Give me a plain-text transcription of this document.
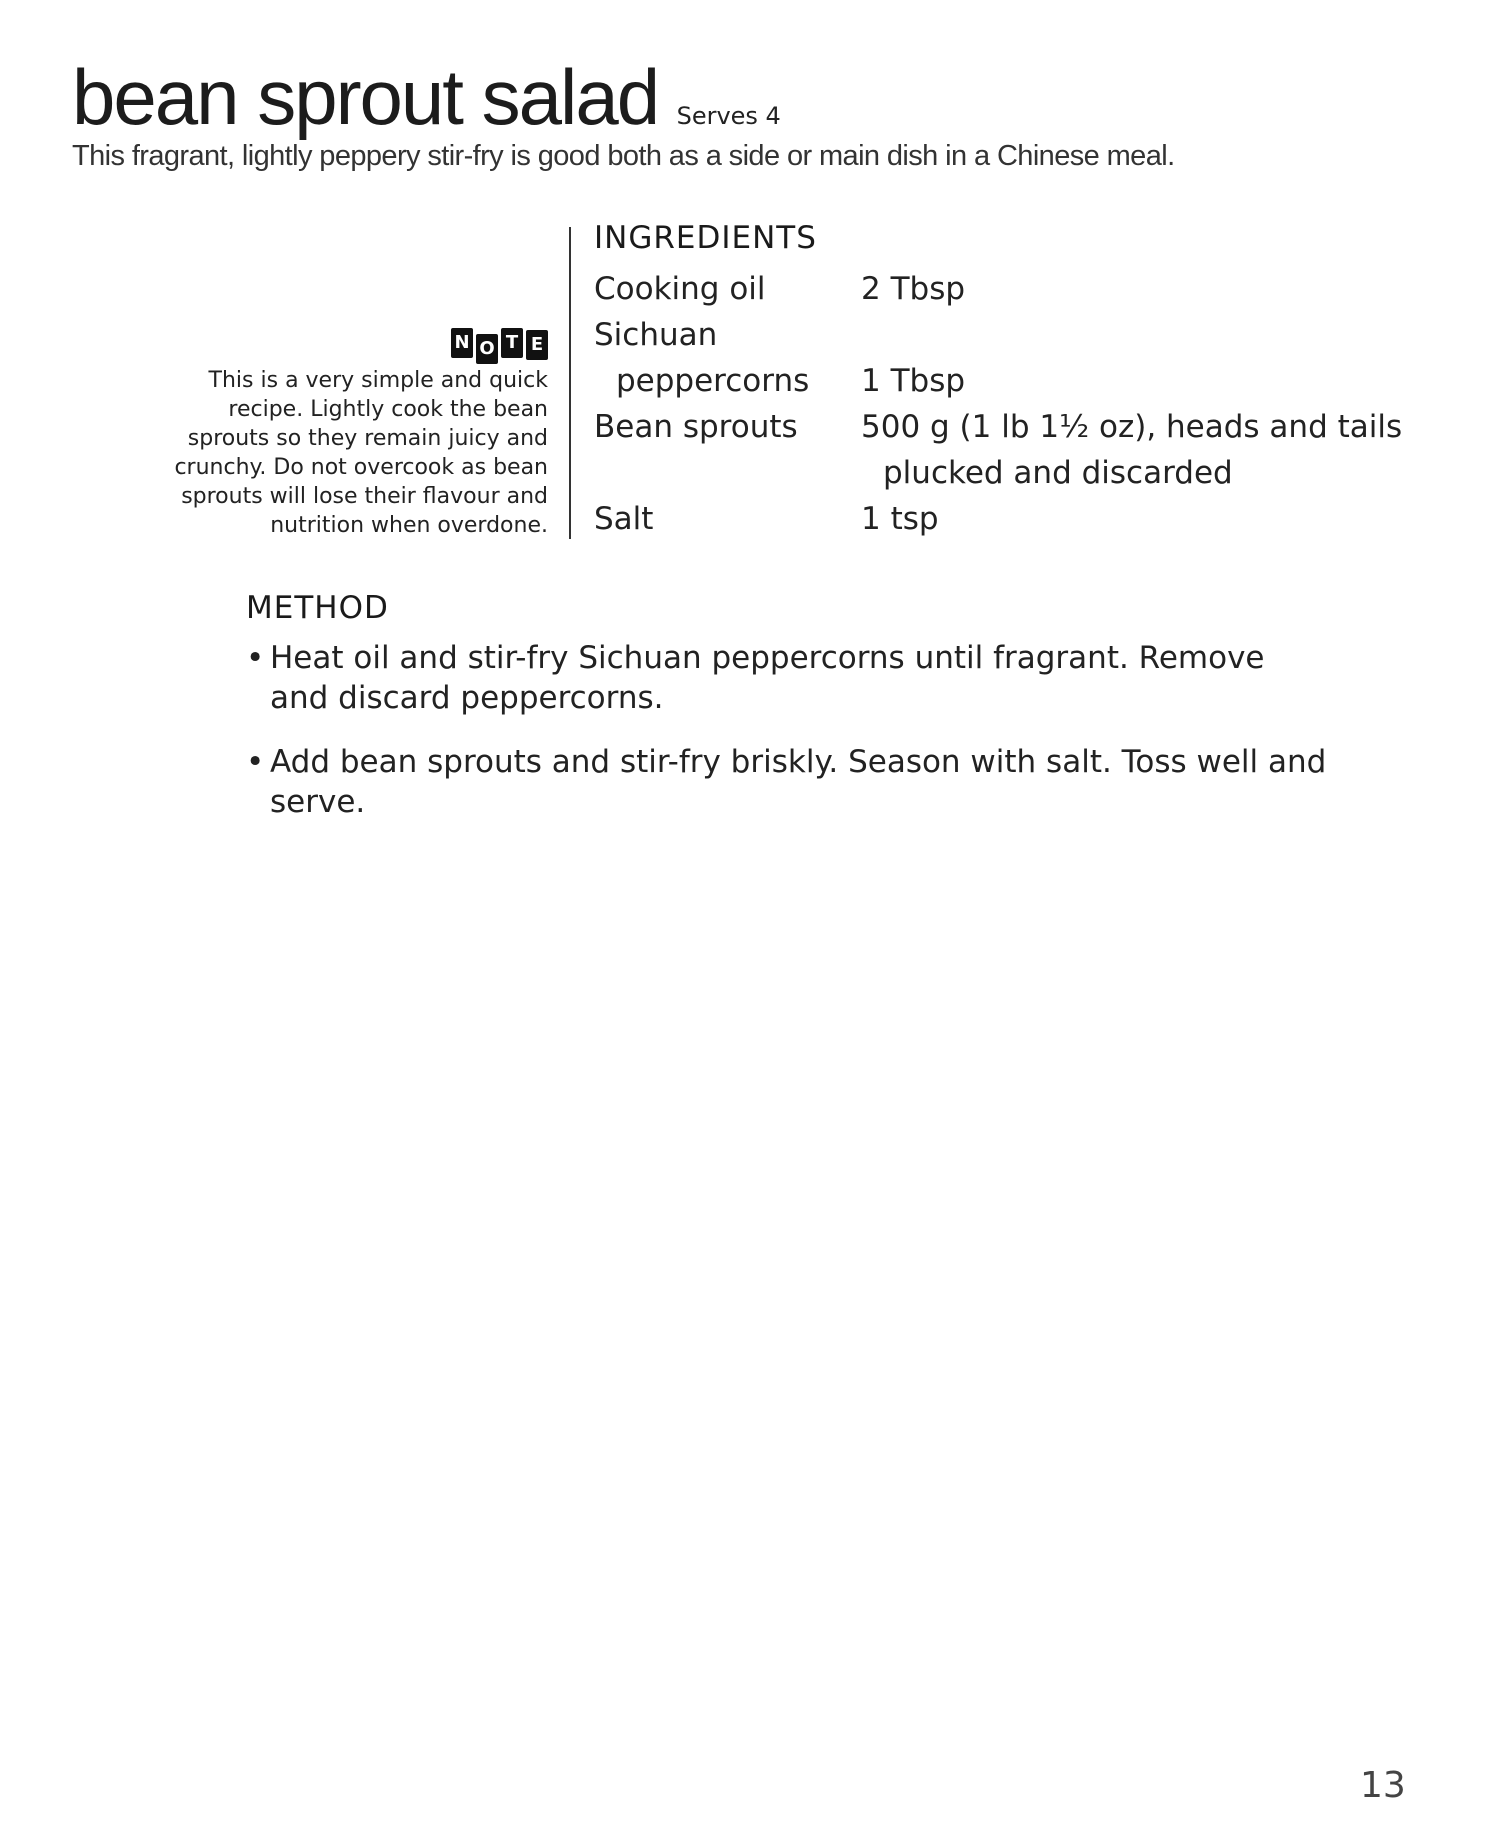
bean sprout salad Serves 4
This fragrant, lightly peppery stir-fry is good both as a side or main dish in a Chinese meal.
N O T E
This is a very simple and quick
recipe. Lightly cook the bean
sprouts so they remain juicy and
crunchy. Do not overcook as bean
sprouts will lose their flavour and
nutrition when overdone.
INGREDIENTS
Cooking oil	2 Tbsp
Sichuan
peppercorns	1 Tbsp
Bean sprouts	500 g (1 lb 1½ oz), heads and tails
plucked and discarded
Salt	1 tsp
METHOD
• Heat oil and stir-fry Sichuan peppercorns until fragrant. Remove and discard peppercorns.
• Add bean sprouts and stir-fry briskly. Season with salt. Toss well and serve.
13
